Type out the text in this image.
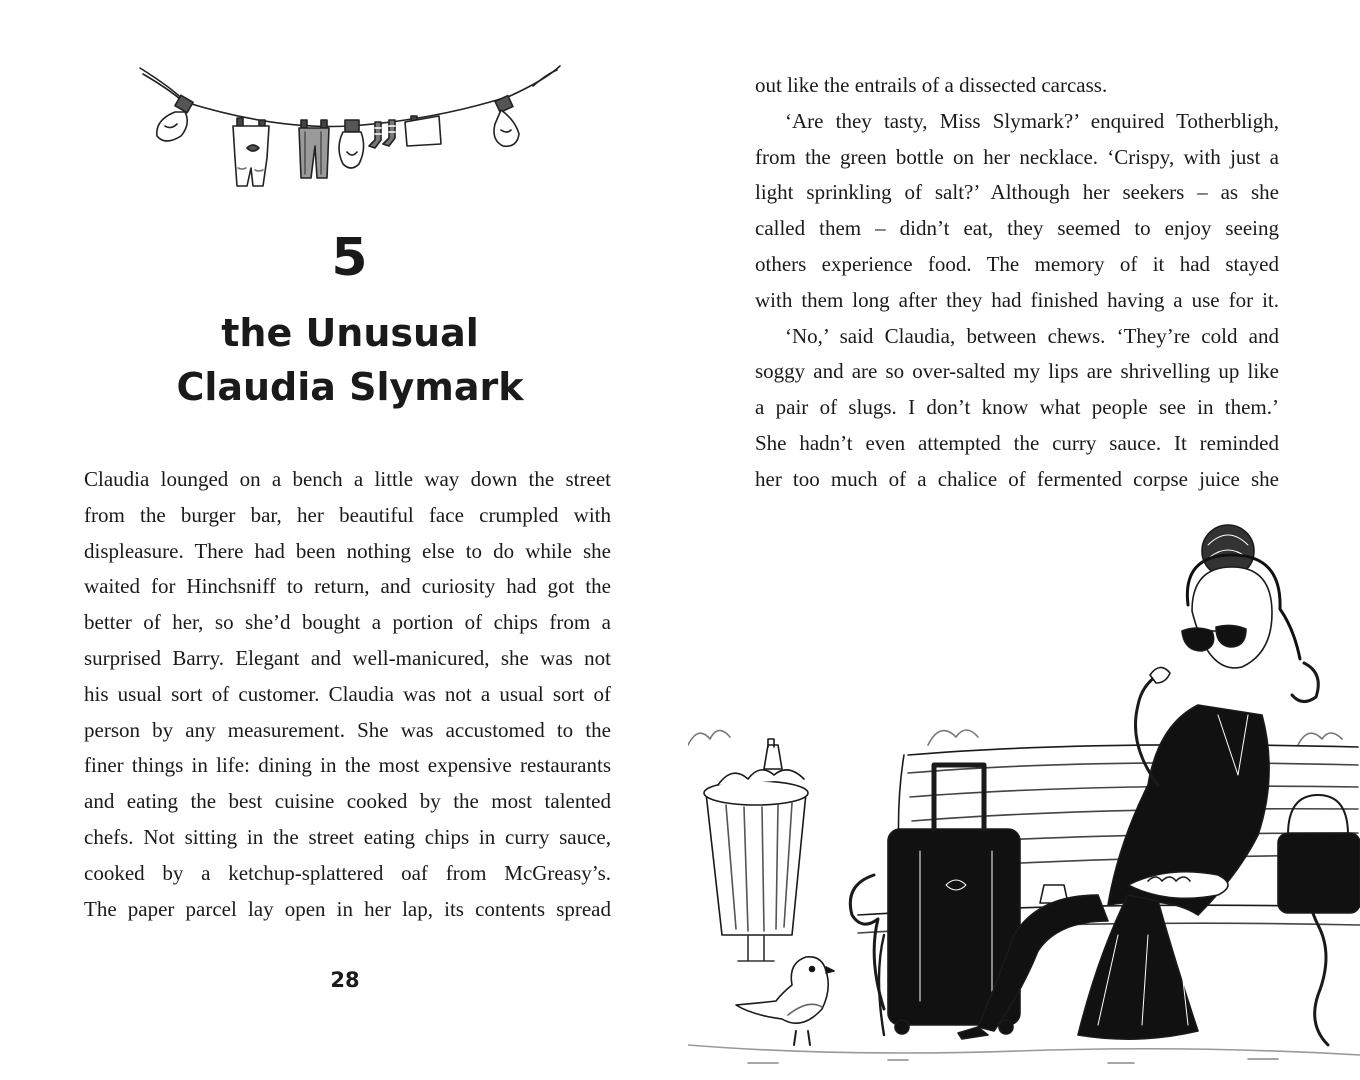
5
the Unusual
Claudia Slymark
Claudia lounged on a bench a little way down the street
from the burger bar, her beautiful face crumpled with
displeasure. There had been nothing else to do while she
waited for Hinchsniff to return, and curiosity had got the
better of her, so she’d bought a portion of chips from a
surprised Barry. Elegant and well-manicured, she was not
his usual sort of customer. Claudia was not a usual sort of
person by any measurement. She was accustomed to the
finer things in life: dining in the most expensive restaurants
and eating the best cuisine cooked by the most talented
chefs. Not sitting in the street eating chips in curry sauce,
cooked by a ketchup-splattered oaf from McGreasy’s.
The paper parcel lay open in her lap, its contents spread
28
out like the entrails of a dissected carcass.
‘Are they tasty, Miss Slymark?’ enquired Totherbligh,
from the green bottle on her necklace. ‘Crispy, with just a
light sprinkling of salt?’ Although her seekers – as she
called them – didn’t eat, they seemed to enjoy seeing
others experience food. The memory of it had stayed
with them long after they had finished having a use for it.
‘No,’ said Claudia, between chews. ‘They’re cold and
soggy and are so over-salted my lips are shrivelling up like
a pair of slugs. I don’t know what people see in them.’
She hadn’t even attempted the curry sauce. It reminded
her too much of a chalice of fermented corpse juice she
